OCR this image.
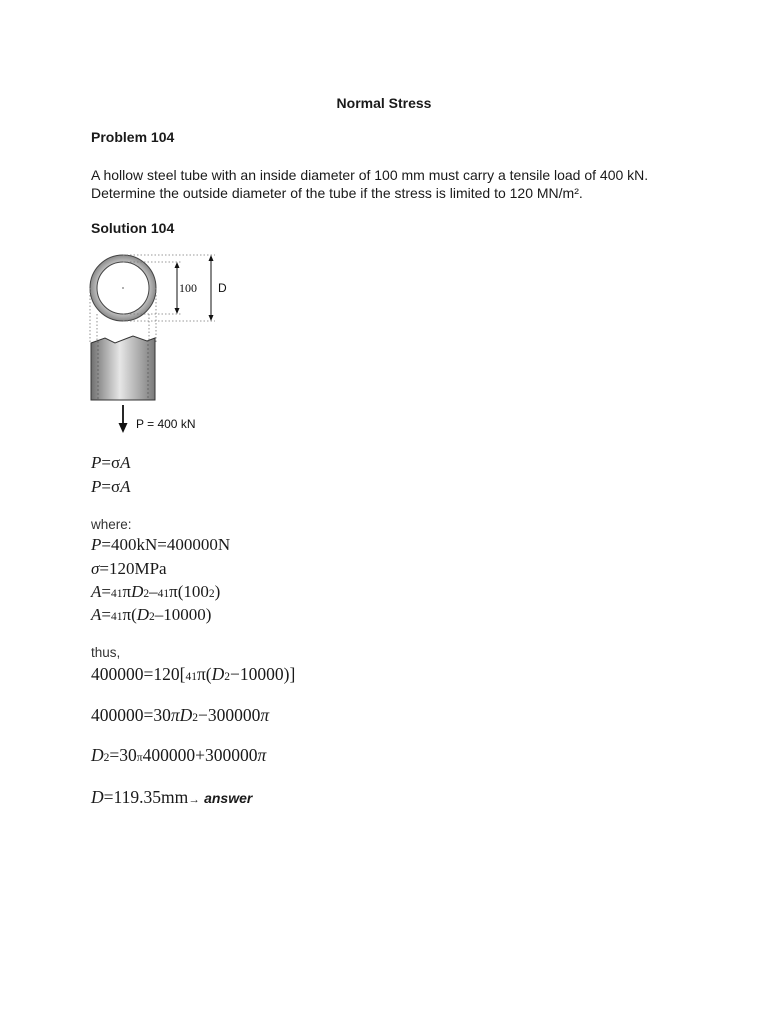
Normal Stress
Problem 104
A hollow steel tube with an inside diameter of 100 mm must carry a tensile load of 400 kN. Determine the outside diameter of the tube if the stress is limited to 120 MN/m².
Solution 104
100 D
P = 400 kN
P=σA
P=σA
where:
P=400kN=400000N
σ=120MPa
A=41πD2–41π(1002)
A=41π(D2–10000)
thus,
400000=120[41π(D2−10000)]
400000=30πD2−300000π
D2=30π400000+300000π
D=119.35mm→ answer
